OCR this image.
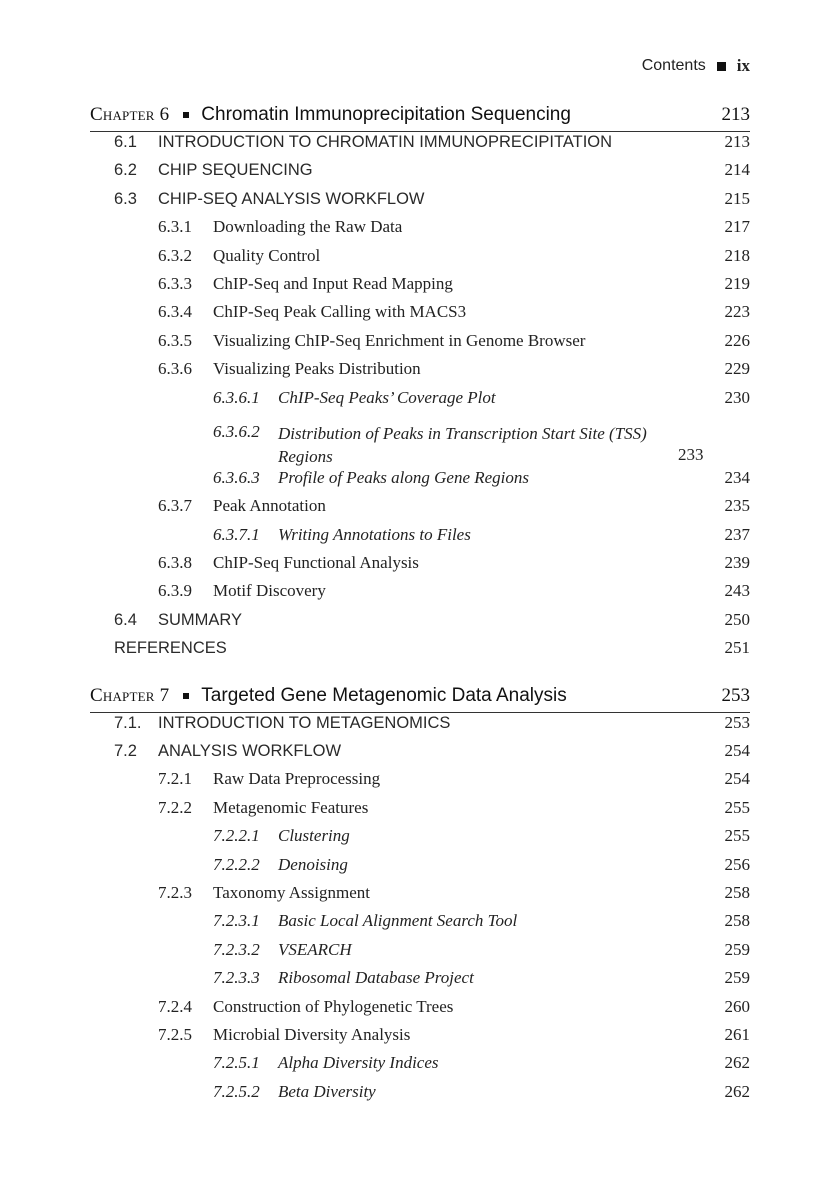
Contents ix
Chapter 6 Chromatin Immunoprecipitation Sequencing	213
6.1	INTRODUCTION TO CHROMATIN IMMUNOPRECIPITATION	213
6.2	CHIP SEQUENCING	214
6.3	CHIP-SEQ ANALYSIS WORKFLOW	215
6.3.1	Downloading the Raw Data	217
6.3.2	Quality Control	218
6.3.3	ChIP-Seq and Input Read Mapping	219
6.3.4	ChIP-Seq Peak Calling with MACS3	223
6.3.5	Visualizing ChIP-Seq Enrichment in Genome Browser	226
6.3.6	Visualizing Peaks Distribution	229
6.3.6.1	ChIP-Seq Peaks’ Coverage Plot	230
6.3.6.2	Distribution of Peaks in Transcription Start Site (TSS) Regions	233
6.3.6.3	Profile of Peaks along Gene Regions	234
6.3.7	Peak Annotation	235
6.3.7.1	Writing Annotations to Files	237
6.3.8	ChIP-Seq Functional Analysis	239
6.3.9	Motif Discovery	243
6.4	SUMMARY	250
REFERENCES	251
Chapter 7 Targeted Gene Metagenomic Data Analysis	253
7.1. INTRODUCTION TO METAGENOMICS	253
7.2	ANALYSIS WORKFLOW	254
7.2.1	Raw Data Preprocessing	254
7.2.2	Metagenomic Features	255
7.2.2.1	Clustering	255
7.2.2.2	Denoising	256
7.2.3	Taxonomy Assignment	258
7.2.3.1	Basic Local Alignment Search Tool	258
7.2.3.2	VSEARCH	259
7.2.3.3	Ribosomal Database Project	259
7.2.4	Construction of Phylogenetic Trees	260
7.2.5	Microbial Diversity Analysis	261
7.2.5.1	Alpha Diversity Indices	262
7.2.5.2	Beta Diversity	262
